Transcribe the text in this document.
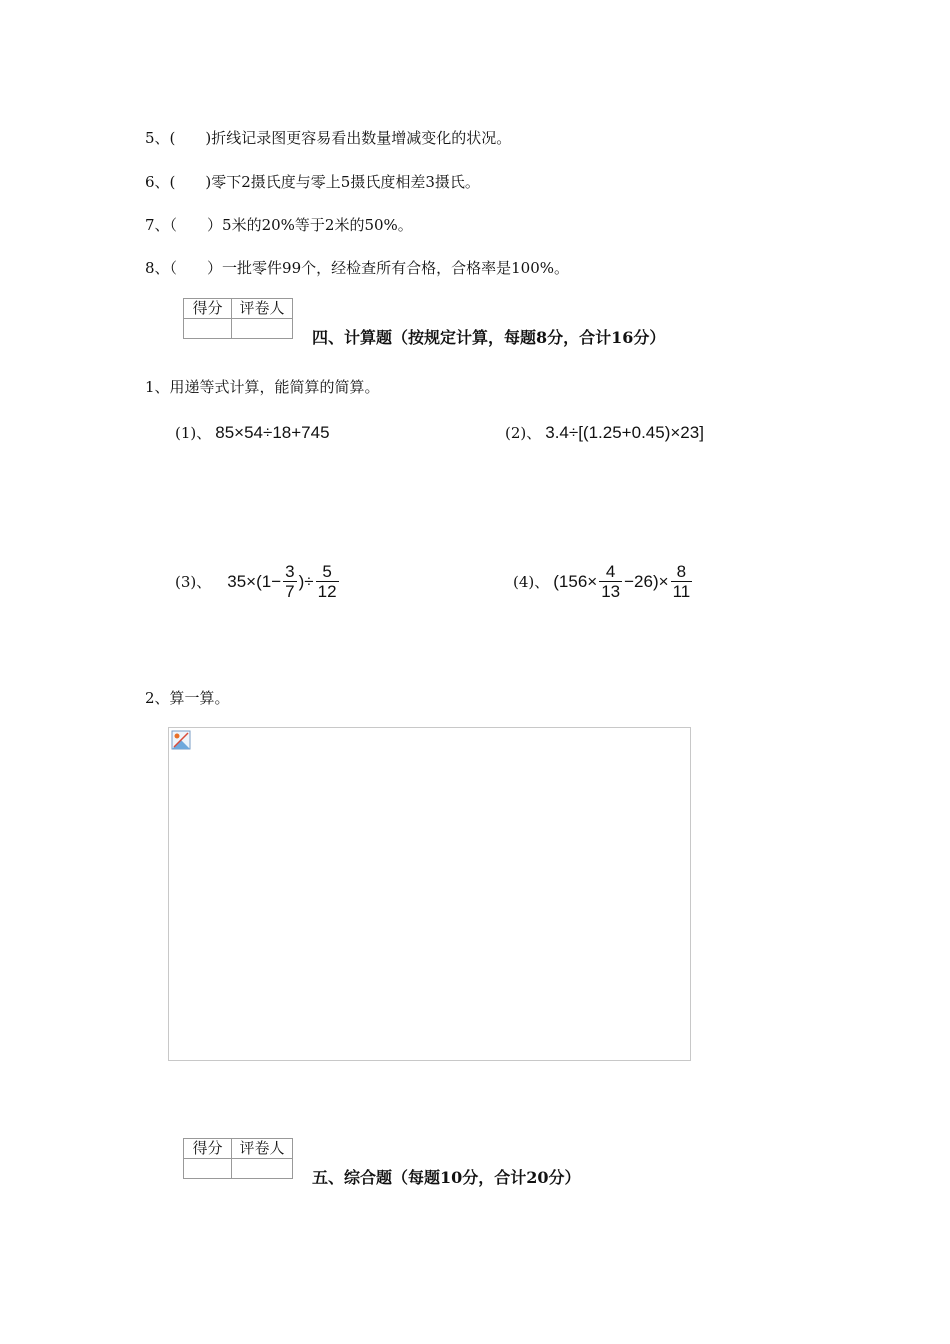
5、(　　)折线记录图更容易看出数量增减变化的状况。
6、(　　)零下2摄氏度与零上5摄氏度相差3摄氏。
7、（　　）5米的20%等于2米的50%。
8、（　　）一批零件99个，经检查所有合格，合格率是100%。
得分	评卷人

四、计算题（按规定计算，每题8分，合计16分）
1、用递等式计算，能简算的简算。
(1)、 85×54÷18+745	(2)、 3.4÷[(1.25+0.45)×23]
(3)、 $35\times(1- \frac{3}{7}$ )÷ $\frac{5}{12}$	(4)、 $(156\times \frac{4}{13} -26)\times \frac{8}{11}$
2、算一算。
得分	评卷人

五、综合题（每题10分，合计20分）
